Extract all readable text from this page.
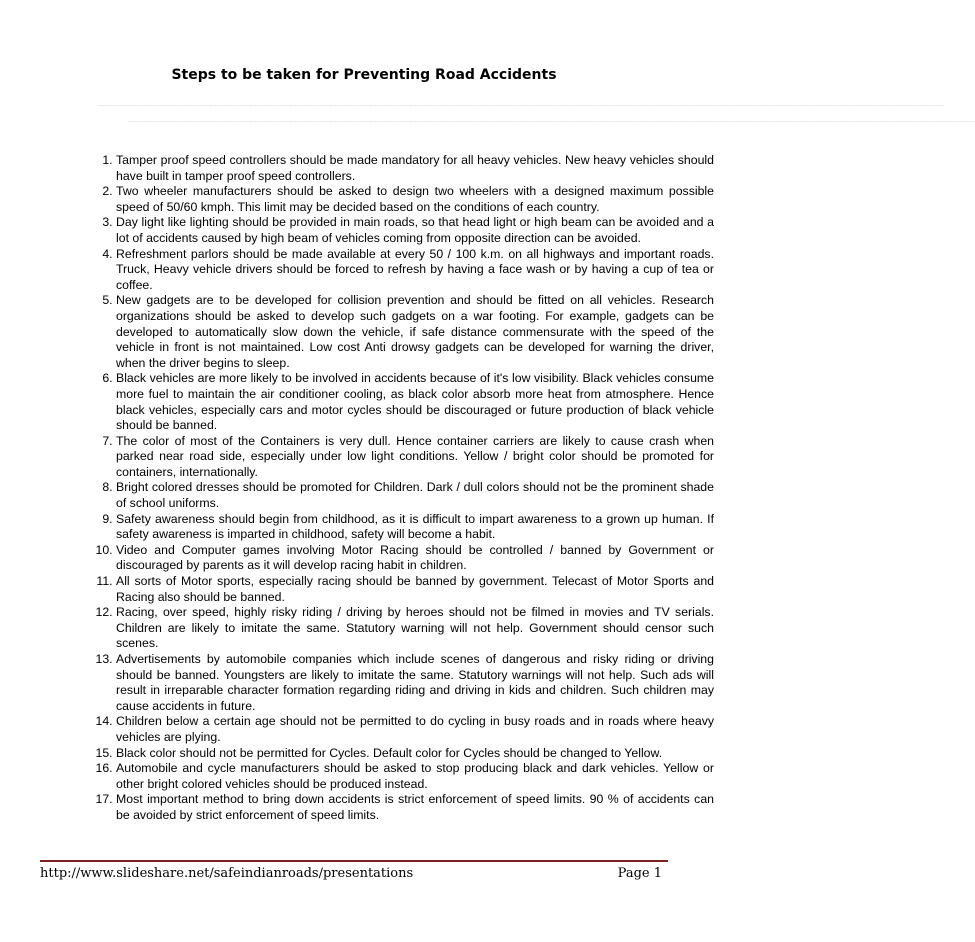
Steps to be taken for Preventing Road Accidents
........................................................................................................................................................................................................................................................................................................................................................................................................................................................................................................................................................................................................................................................................................................................................................................................................................................................................................................................................................................................................................................................
........................................................................................................................................................................................................................................................................................................................................................................................................................................................................................................................................................................................................................................................................................................................................................................................................................................................................................................................................................................................................................................................
1. Tamper proof speed controllers should be made mandatory for all heavy vehicles. New heavy vehicles should have built in tamper proof speed controllers.
2. Two wheeler manufacturers should be asked to design two wheelers with a designed maximum possible speed of 50/60 kmph. This limit may be decided based on the conditions of each country.
3. Day light like lighting should be provided in main roads, so that head light or high beam can be avoided and a lot of accidents caused by high beam of vehicles coming from opposite direction can be avoided.
4. Refreshment parlors should be made available at every 50 / 100 k.m. on all highways and important roads. Truck, Heavy vehicle drivers should be forced to refresh by having a face wash or by having a cup of tea or coffee.
5. New gadgets are to be developed for collision prevention and should be fitted on all vehicles. Research organizations should be asked to develop such gadgets on a war footing. For example, gadgets can be developed to automatically slow down the vehicle, if safe distance commensurate with the speed of the vehicle in front is not maintained. Low cost Anti drowsy gadgets can be developed for warning the driver, when the driver begins to sleep.
6. Black vehicles are more likely to be involved in accidents because of it's low visibility. Black vehicles consume more fuel to maintain the air conditioner cooling, as black color absorb more heat from atmosphere. Hence black vehicles, especially cars and motor cycles should be discouraged or future production of black vehicle should be banned.
7. The color of most of the Containers is very dull. Hence container carriers are likely to cause crash when parked near road side, especially under low light conditions. Yellow / bright color should be promoted for containers, internationally.
8. Bright colored dresses should be promoted for Children. Dark / dull colors should not be the prominent shade of school uniforms.
9. Safety awareness should begin from childhood, as it is difficult to impart awareness to a grown up human. If safety awareness is imparted in childhood, safety will become a habit.
10. Video and Computer games involving Motor Racing should be controlled / banned by Government or discouraged by parents as it will develop racing habit in children.
11. All sorts of Motor sports, especially racing should be banned by government. Telecast of Motor Sports and Racing also should be banned.
12. Racing, over speed, highly risky riding / driving by heroes should not be filmed in movies and TV serials. Children are likely to imitate the same. Statutory warning will not help. Government should censor such scenes.
13. Advertisements by automobile companies which include scenes of dangerous and risky riding or driving should be banned. Youngsters are likely to imitate the same. Statutory warnings will not help. Such ads will result in irreparable character formation regarding riding and driving in kids and children. Such children may cause accidents in future.
14. Children below a certain age should not be permitted to do cycling in busy roads and in roads where heavy vehicles are plying.
15. Black color should not be permitted for Cycles. Default color for Cycles should be changed to Yellow.
16. Automobile and cycle manufacturers should be asked to stop producing black and dark vehicles. Yellow or other bright colored vehicles should be produced instead.
17. Most important method to bring down accidents is strict enforcement of speed limits. 90 % of accidents can be avoided by strict enforcement of speed limits.
http://www.slideshare.net/safeindianroads/presentations	Page 1
